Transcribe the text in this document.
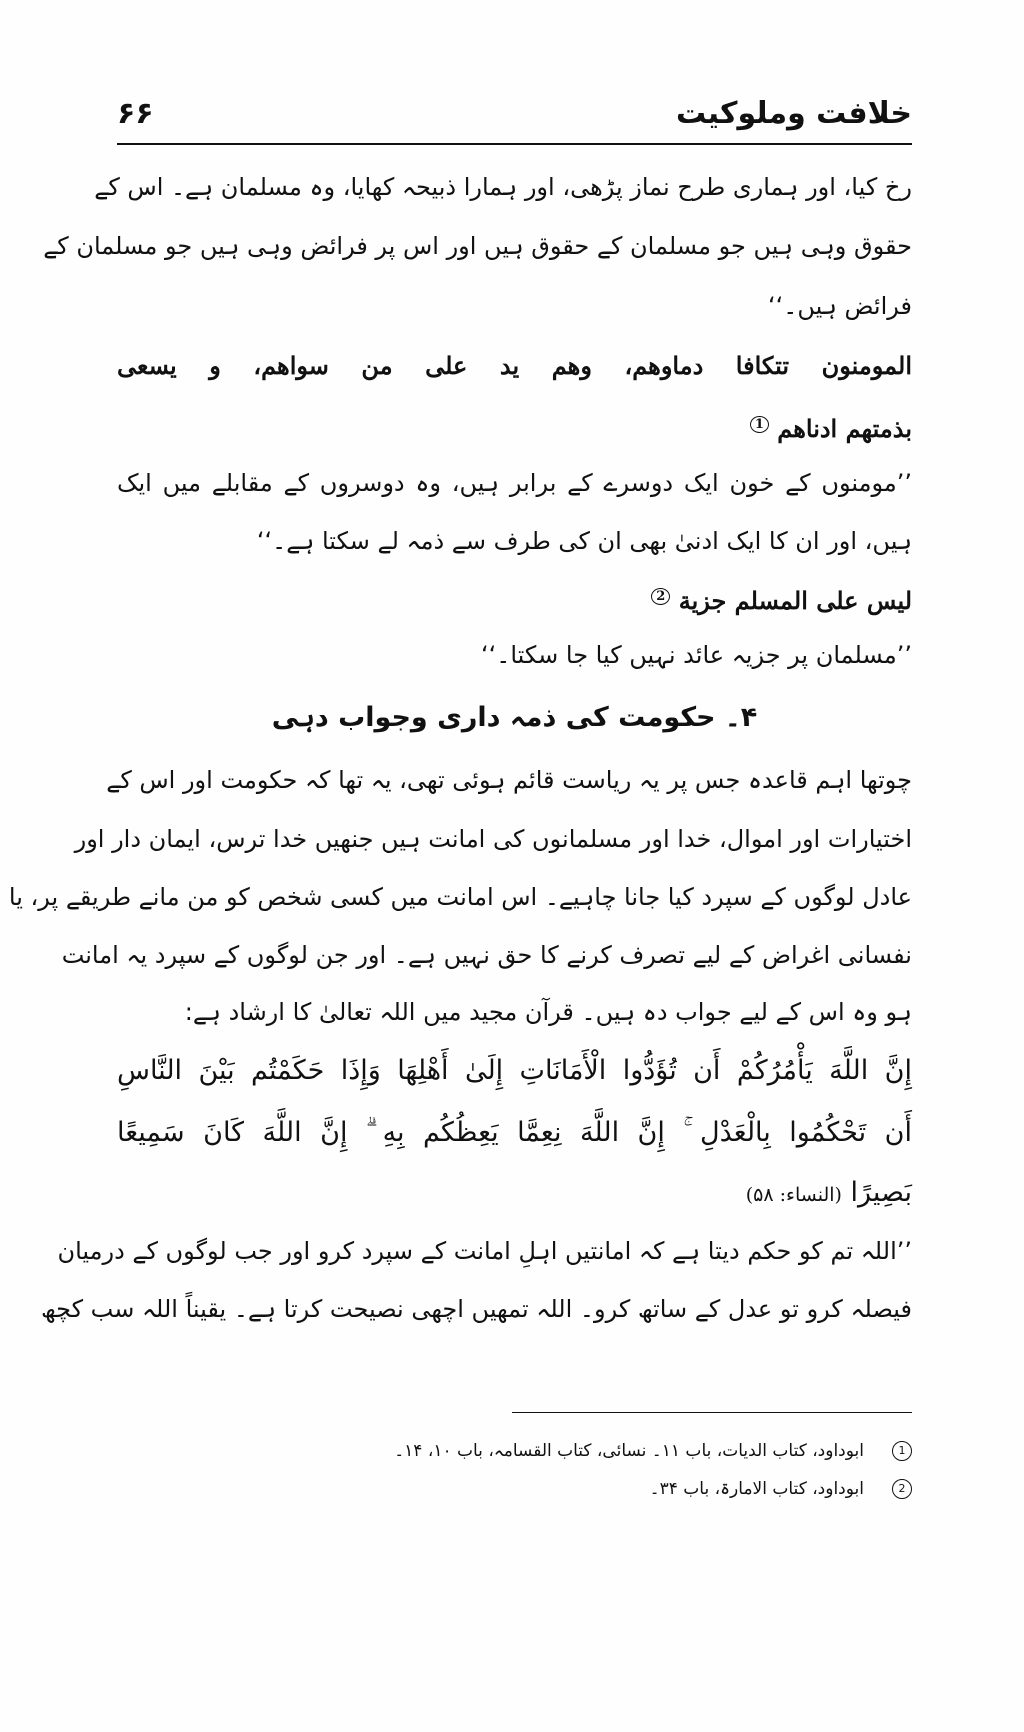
خلافت وملوکیت
۶۶
رخ کیا، اور ہماری طرح نماز پڑھی، اور ہمارا ذبیحہ کھایا، وہ مسلمان ہے۔ اس کے
حقوق وہی ہیں جو مسلمان کے حقوق ہیں اور اس پر فرائض وہی ہیں جو مسلمان کے
فرائض ہیں۔‘‘
المومنون تتكافا دماوهم، وهم يد على من سواهم، و يسعى
بذمتهم ادناهم $^1$
’’مومنوں کے خون ایک دوسرے کے برابر ہیں، وہ دوسروں کے مقابلے میں ایک
ہیں، اور ان کا ایک ادنیٰ بھی ان کی طرف سے ذمہ لے سکتا ہے۔‘‘
ليس على المسلم جزية $^2$
’’مسلمان پر جزیہ عائد نہیں کیا جا سکتا۔‘‘
۴۔ حکومت کی ذمہ داری وجواب دہی
چوتھا اہم قاعدہ جس پر یہ ریاست قائم ہوئی تھی، یہ تھا کہ حکومت اور اس کے
اختیارات اور اموال، خدا اور مسلمانوں کی امانت ہیں جنھیں خدا ترس، ایمان دار اور
عادل لوگوں کے سپرد کیا جانا چاہیے۔ اس امانت میں کسی شخص کو من مانے طریقے پر، یا
نفسانی اغراض کے لیے تصرف کرنے کا حق نہیں ہے۔ اور جن لوگوں کے سپرد یہ امانت
ہو وہ اس کے لیے جواب دہ ہیں۔ قرآن مجید میں اللہ تعالیٰ کا ارشاد ہے:
إِنَّ اللَّهَ يَأْمُرُكُمْ أَن تُؤَدُّوا الْأَمَانَاتِ إِلَىٰ أَهْلِهَا وَإِذَا حَكَمْتُم بَيْنَ النَّاسِ
أَن تَحْكُمُوا بِالْعَدْلِ ۚ إِنَّ اللَّهَ نِعِمَّا يَعِظُكُم بِهِ ۗ إِنَّ اللَّهَ كَانَ سَمِيعًا
بَصِيرًا (النساء: ۵۸)
’’اللہ تم کو حکم دیتا ہے کہ امانتیں اہلِ امانت کے سپرد کرو اور جب لوگوں کے درمیان
فیصلہ کرو تو عدل کے ساتھ کرو۔ اللہ تمھیں اچھی نصیحت کرتا ہے۔ یقیناً اللہ سب کچھ
1ابوداود، کتاب الدیات، باب ۱۱۔ نسائی، کتاب القسامہ، باب ۱۰، ۱۴۔
2ابوداود، کتاب الامارۃ، باب ۳۴۔
